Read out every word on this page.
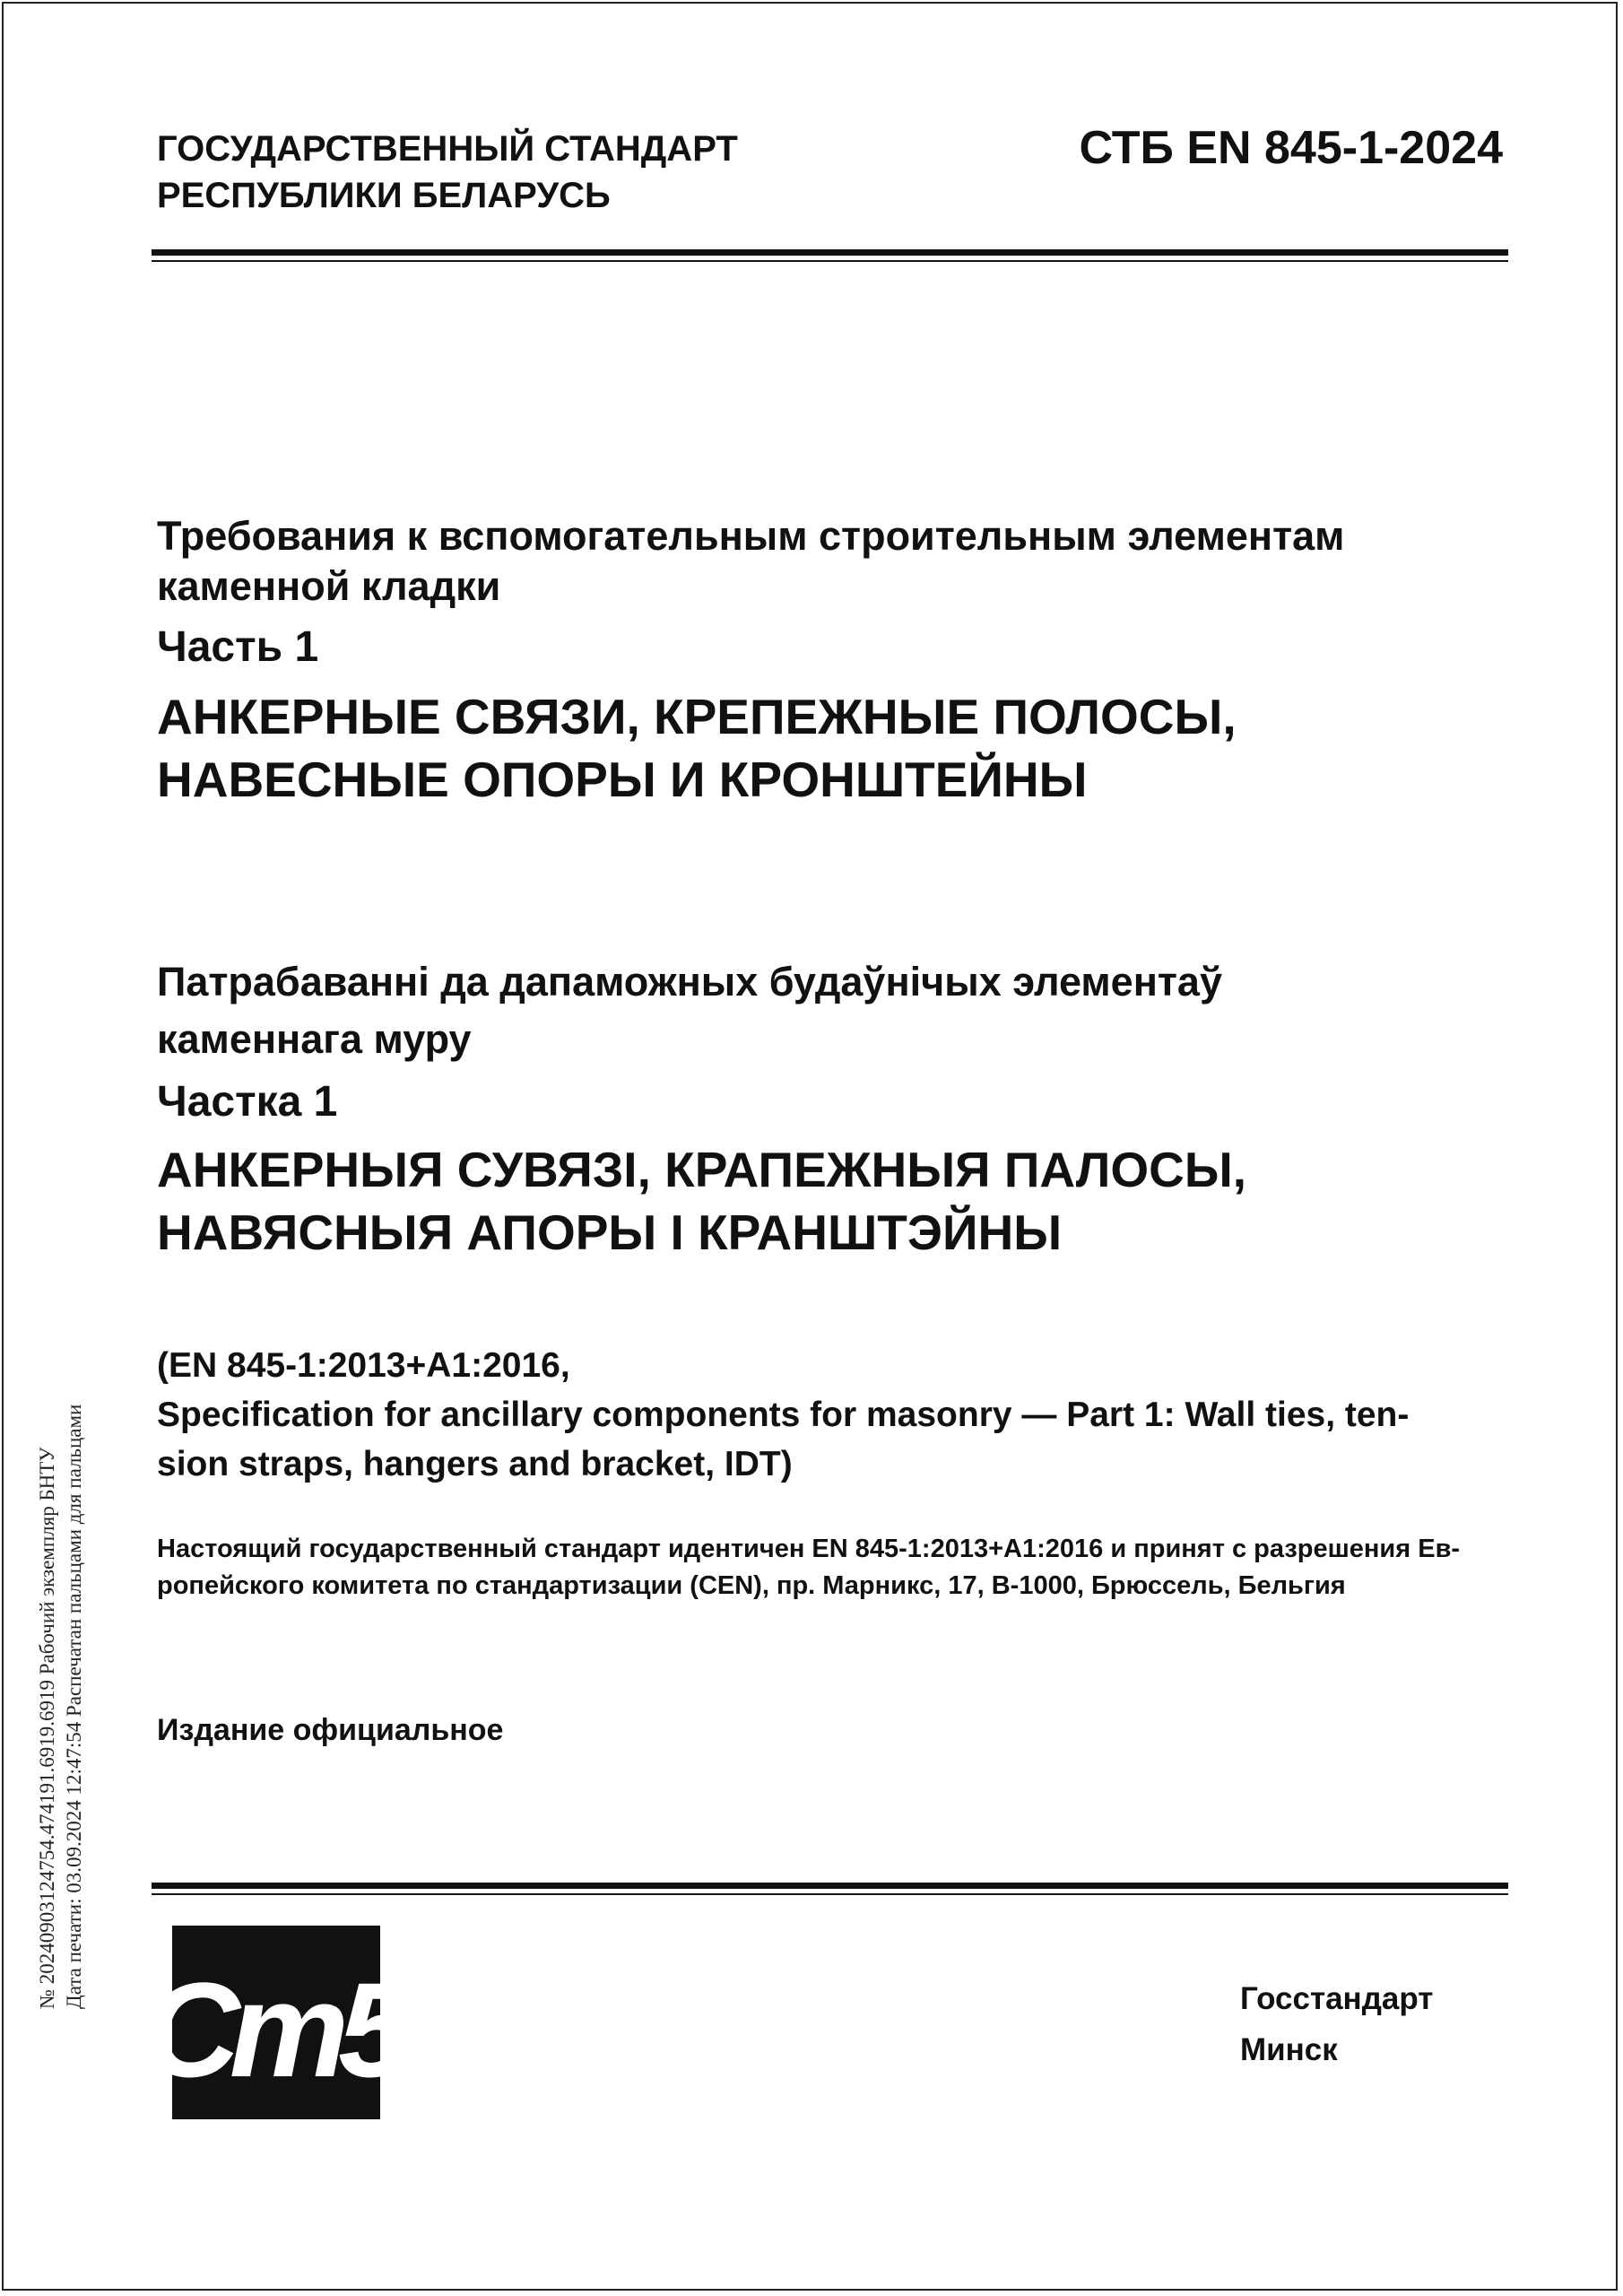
ГОСУДАРСТВЕННЫЙ СТАНДАРТ
РЕСПУБЛИКИ БЕЛАРУСЬ
СТБ EN 845-1-2024
Требования к вспомогательным строительным элементам
каменной кладки
Часть 1
АНКЕРНЫЕ СВЯЗИ, КРЕПЕЖНЫЕ ПОЛОСЫ,
НАВЕСНЫЕ ОПОРЫ И КРОНШТЕЙНЫ
Патрабаванні да дапаможных будаўнічых элементаў
каменнага муру
Частка 1
АНКЕРНЫЯ СУВЯЗІ, КРАПЕЖНЫЯ ПАЛОСЫ,
НАВЯСНЫЯ АПОРЫ І КРАНШТЭЙНЫ
(EN 845-1:2013+A1:2016,
Specification for ancillary components for masonry — Part 1: Wall ties, ten-
sion straps, hangers and bracket, IDT)
Настоящий государственный стандарт идентичен EN 845-1:2013+A1:2016 и принят с разрешения Ев-
ропейского комитета по стандартизации (CEN), пр. Марникс, 17, B-1000, Брюссель, Бельгия
Издание официальное
№ 20240903124754.474191.6919.6919 Рабочий экземпляр БНТУ Дата печати: 03.09.2024 12:47:54 Распечатан пальцами для пальцами
Ст5	Госстандарт
Минск
